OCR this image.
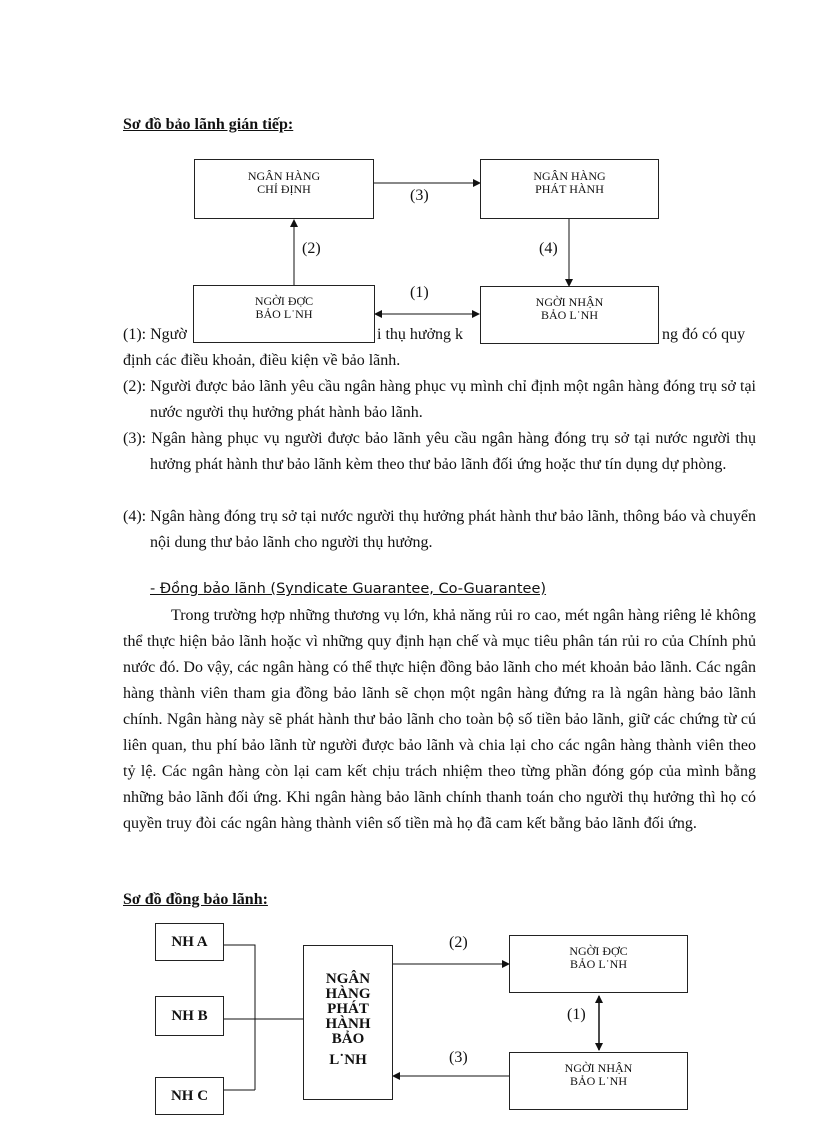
Sơ đồ bảo lãnh gián tiếp:
NGÂN HÀNG
CHỈ ĐỊNH
NGÂN HÀNG
PHÁT HÀNH
NGỜI ĐỢC
BẢO L˙NH
NGỜI NHẬN
BẢO L˙NH
(3)
(2)	(4)
(1)
(1): Ngườ	i thụ hưởng k	ng đó có quy
định các điều khoản, điều kiện về bảo lãnh.
(2): Người được bảo lãnh yêu cầu ngân hàng phục vụ mình chỉ định một ngân hàng đóng trụ sở tại nước người thụ hưởng phát hành bảo lãnh.
(3): Ngân hàng phục vụ người được bảo lãnh yêu cầu ngân hàng đóng trụ sở tại nước người thụ hưởng phát hành thư bảo lãnh kèm theo thư bảo lãnh đối ứng hoặc thư tín dụng dự phòng.
(4): Ngân hàng đóng trụ sở tại nước người thụ hưởng phát hành thư bảo lãnh, thông báo và chuyển nội dung thư bảo lãnh cho người thụ hưởng.
- Đồng bảo lãnh (Syndicate Guarantee, Co-Guarantee)
Trong trường hợp những thương vụ lớn, khả năng rủi ro cao, mét ngân hàng riêng lẻ không thể thực hiện bảo lãnh hoặc vì những quy định hạn chế và mục tiêu phân tán rủi ro của Chính phủ nước đó. Do vậy, các ngân hàng có thể thực hiện đồng bảo lãnh cho mét khoản bảo lãnh. Các ngân hàng thành viên tham gia đồng bảo lãnh sẽ chọn một ngân hàng đứng ra là ngân hàng bảo lãnh chính. Ngân hàng này sẽ phát hành thư bảo lãnh cho toàn bộ số tiền bảo lãnh, giữ các chứng từ cú liên quan, thu phí bảo lãnh từ người được bảo lãnh và chia lại cho các ngân hàng thành viên theo tỷ lệ. Các ngân hàng còn lại cam kết chịu trách nhiệm theo từng phần đóng góp của mình bằng những bảo lãnh đối ứng. Khi ngân hàng bảo lãnh chính thanh toán cho người thụ hưởng thì họ có quyền truy đòi các ngân hàng thành viên số tiền mà họ đã cam kết bằng bảo lãnh đối ứng.
Sơ đồ đồng bảo lãnh:
NH A
NH B
NH C
NGÂN
HÀNG
PHÁT
HÀNH
BẢO
L˙NH
NGỜI ĐỢC
BẢO L˙NH
NGỜI NHẬN
BẢO L˙NH
(2)
(1)
(3)
